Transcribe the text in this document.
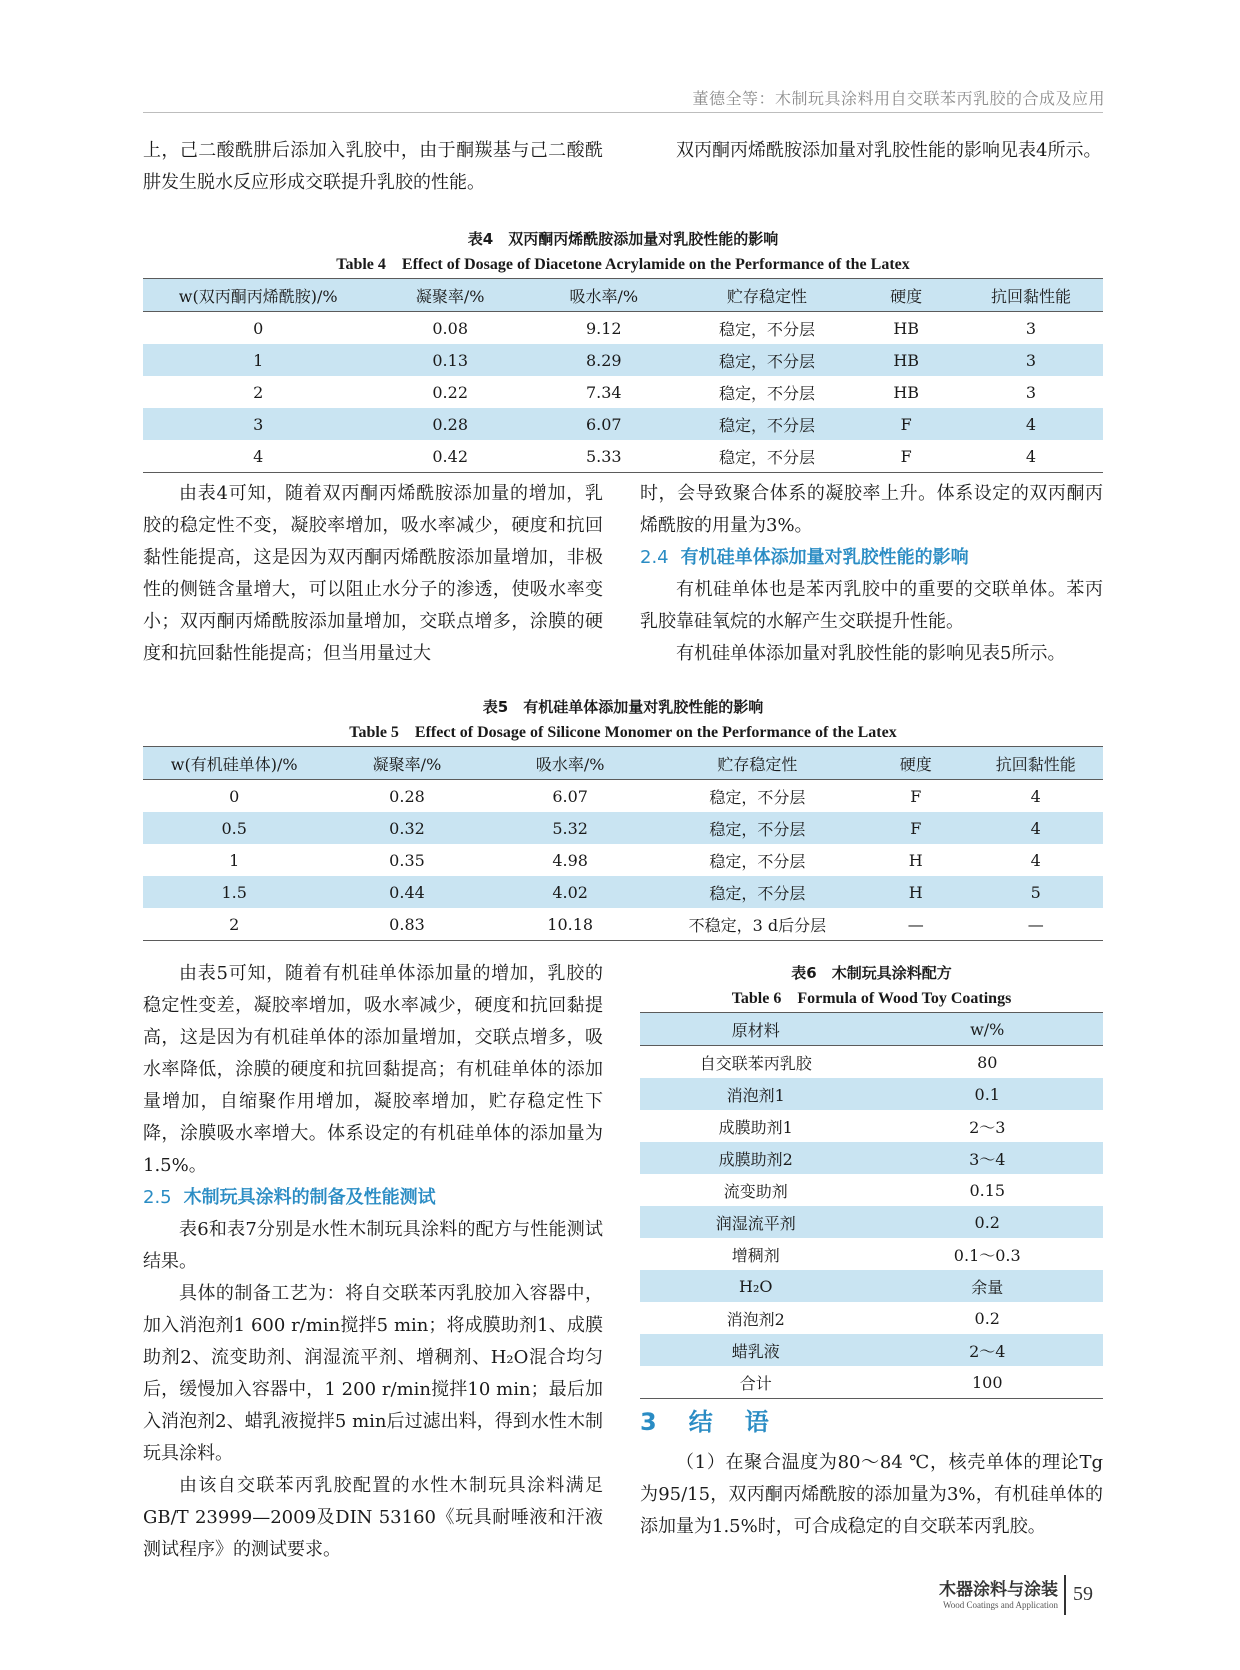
董德全等：木制玩具涂料用自交联苯丙乳胶的合成及应用

上，己二酸酰肼后添加入乳胶中，由于酮羰基与己二酸酰肼发生脱水反应形成交联提升乳胶的性能。

双丙酮丙烯酰胺添加量对乳胶性能的影响见表4所示。

表4　双丙酮丙烯酰胺添加量对乳胶性能的影响
Table 4　Effect of Dosage of Diacetone Acrylamide on the Performance of the Latex
w(双丙酮丙烯酰胺)/%	凝聚率/%	吸水率/%	贮存稳定性	硬度	抗回黏性能
0	0.08	9.12	稳定，不分层	HB	3
1	0.13	8.29	稳定，不分层	HB	3
2	0.22	7.34	稳定，不分层	HB	3
3	0.28	6.07	稳定，不分层	F	4
4	0.42	5.33	稳定，不分层	F	4

由表4可知，随着双丙酮丙烯酰胺添加量的增加，乳胶的稳定性不变，凝胶率增加，吸水率减少，硬度和抗回黏性能提高，这是因为双丙酮丙烯酰胺添加量增加，非极性的侧链含量增大，可以阻止水分子的渗透，使吸水率变小；双丙酮丙烯酰胺添加量增加，交联点增多，涂膜的硬度和抗回黏性能提高；但当用量过大

时，会导致聚合体系的凝胶率上升。体系设定的双丙酮丙烯酰胺的用量为3%。

2.4 有机硅单体添加量对乳胶性能的影响

有机硅单体也是苯丙乳胶中的重要的交联单体。苯丙乳胶靠硅氧烷的水解产生交联提升性能。

有机硅单体添加量对乳胶性能的影响见表5所示。

表5　有机硅单体添加量对乳胶性能的影响
Table 5　Effect of Dosage of Silicone Monomer on the Performance of the Latex
w(有机硅单体)/%	凝聚率/%	吸水率/%	贮存稳定性	硬度	抗回黏性能
0	0.28	6.07	稳定，不分层	F	4
0.5	0.32	5.32	稳定，不分层	F	4
1	0.35	4.98	稳定，不分层	H	4
1.5	0.44	4.02	稳定，不分层	H	5
2	0.83	10.18	不稳定，3 d后分层	—	—

由表5可知，随着有机硅单体添加量的增加，乳胶的稳定性变差，凝胶率增加，吸水率减少，硬度和抗回黏提高，这是因为有机硅单体的添加量增加，交联点增多，吸水率降低，涂膜的硬度和抗回黏提高；有机硅单体的添加量增加，自缩聚作用增加，凝胶率增加，贮存稳定性下降，涂膜吸水率增大。体系设定的有机硅单体的添加量为1.5%。

2.5 木制玩具涂料的制备及性能测试

表6和表7分别是水性木制玩具涂料的配方与性能测试结果。

具体的制备工艺为：将自交联苯丙乳胶加入容器中，加入消泡剂1 600 r/min搅拌5 min；将成膜助剂1、成膜助剂2、流变助剂、润湿流平剂、增稠剂、H₂O混合均匀后，缓慢加入容器中，1 200 r/min搅拌10 min；最后加入消泡剂2、蜡乳液搅拌5 min后过滤出料，得到水性木制玩具涂料。

由该自交联苯丙乳胶配置的水性木制玩具涂料满足GB/T 23999—2009及DIN 53160《玩具耐唾液和汗液测试程序》的测试要求。

表6　木制玩具涂料配方
Table 6　Formula of Wood Toy Coatings
原材料	w/%
自交联苯丙乳胶	80
消泡剂1	0.1
成膜助剂1	2～3
成膜助剂2	3～4
流变助剂	0.15
润湿流平剂	0.2
增稠剂	0.1～0.3
H₂O	余量
消泡剂2	0.2
蜡乳液	2～4
合计	100
3　结　语

（1）在聚合温度为80～84 ℃，核壳单体的理论Tg为95/15，双丙酮丙烯酰胺的添加量为3%，有机硅单体的添加量为1.5%时，可合成稳定的自交联苯丙乳胶。

木器涂料与涂装
Wood Coatings and Application 59
